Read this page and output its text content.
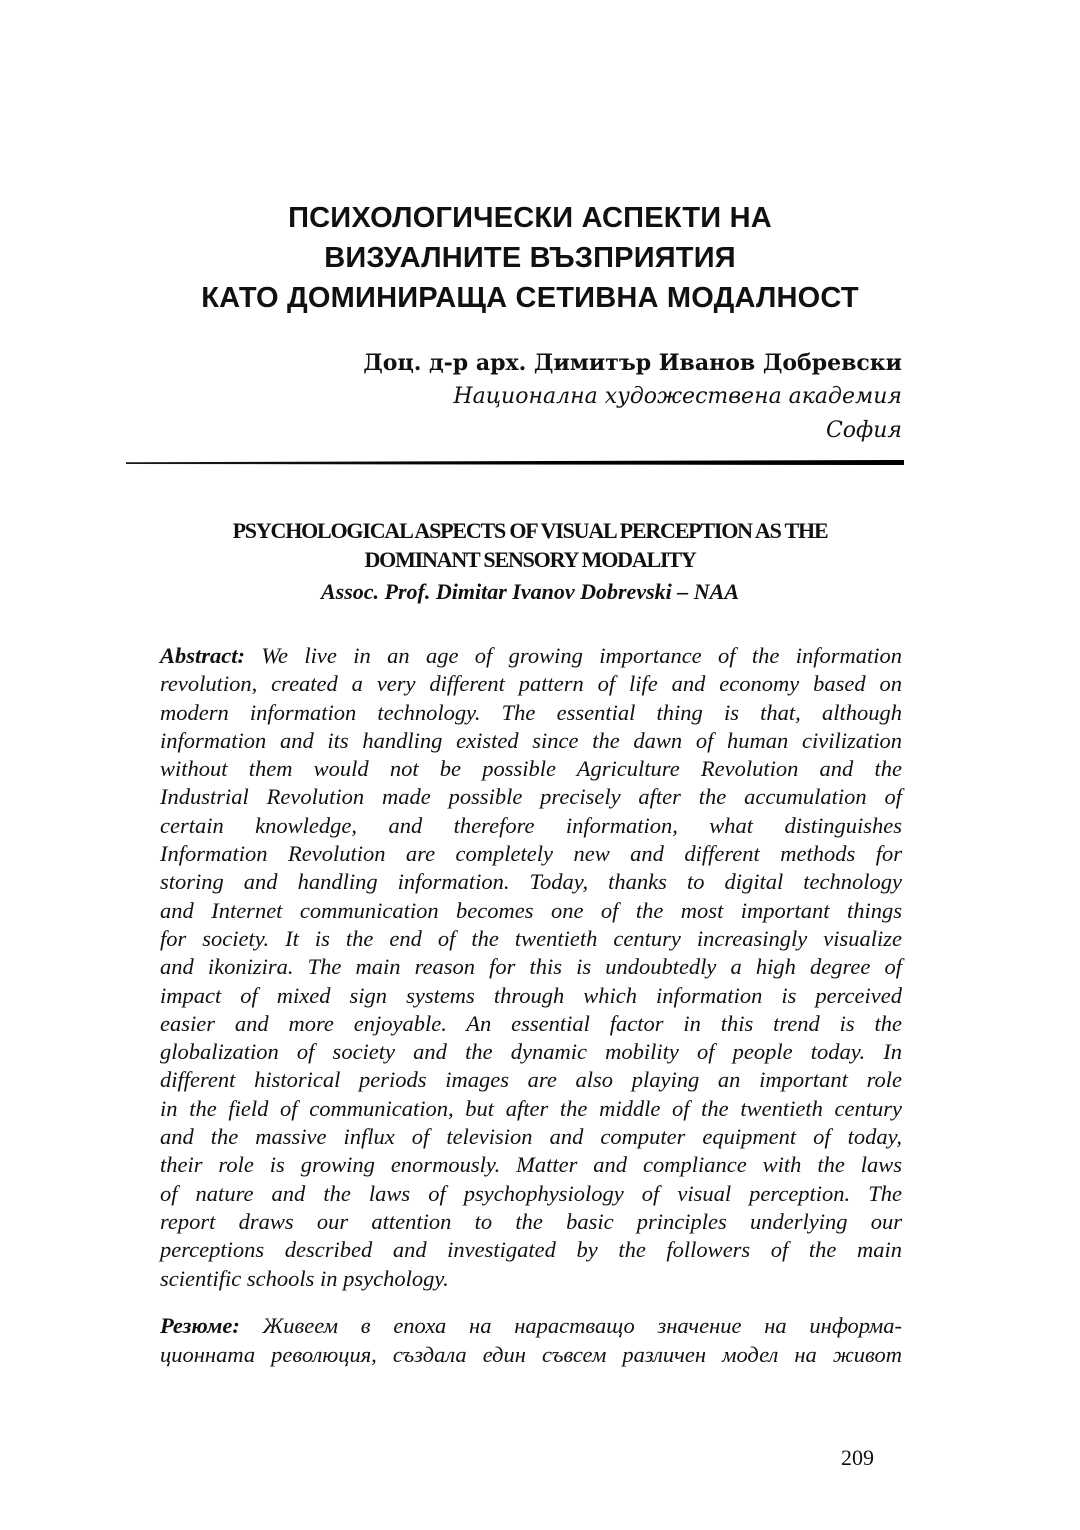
ПСИХОЛОГИЧЕСКИ АСПЕКТИ НА
ВИЗУАЛНИТЕ ВЪЗПРИЯТИЯ
КАТО ДОМИНИРАЩА СЕТИВНА МОДАЛНОСТ
Доц. д-р арх. Димитър Иванов Добревски
Национална художествена академия
София
PSYCHOLOGICAL ASPECTS OF VISUAL PERCEPTION AS THE
DOMINANT SENSORY MODALITY
Assoc. Prof. Dimitar Ivanov Dobrevski – NAA
Abstract: We live in an age of growing importance of the information
revolution, created a very different pattern of life and economy based on
modern information technology. The essential thing is that, although
information and its handling existed since the dawn of human civilization
without them would not be possible Agriculture Revolution and the
Industrial Revolution made possible precisely after the accumulation of
certain knowledge, and therefore information, what distinguishes
Information Revolution are completely new and different methods for
storing and handling information. Today, thanks to digital technology
and Internet communication becomes one of the most important things
for society. It is the end of the twentieth century increasingly visualize
and ikonizira. The main reason for this is undoubtedly a high degree of
impact of mixed sign systems through which information is perceived
easier and more enjoyable. An essential factor in this trend is the
globalization of society and the dynamic mobility of people today. In
different historical periods images are also playing an important role
in the field of communication, but after the middle of the twentieth century
and the massive influx of television and computer equipment of today,
their role is growing enormously. Matter and compliance with the laws
of nature and the laws of psychophysiology of visual perception. The
report draws our attention to the basic principles underlying our
perceptions described and investigated by the followers of the main
scientific schools in psychology.
Резюме: Живеем в епоха на нарастващо значение на информа-
ционната революция, създала един съвсем различен модел на живот
209
